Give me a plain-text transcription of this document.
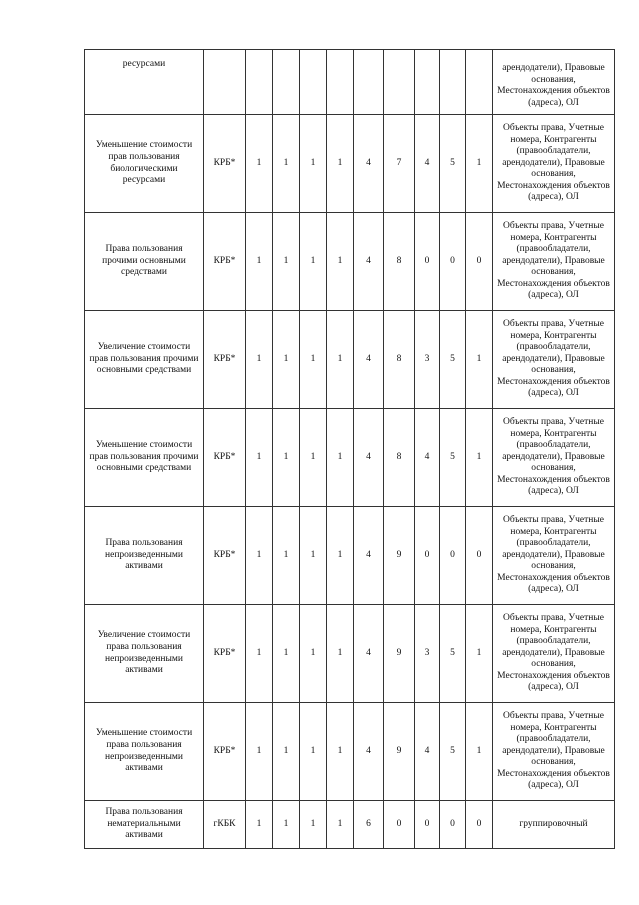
ресурсами											арендодатели), Правовые основания, Местонахождения объектов (адреса), ОЛ
Уменьшение стоимости прав пользования биологическими ресурсами	КРБ*	1	1	1	1	4	7	4	5	1	Объекты права, Учетные номера, Контрагенты (правообладатели, арендодатели), Правовые основания, Местонахождения объектов (адреса), ОЛ
Права пользования прочими основными средствами	КРБ*	1	1	1	1	4	8	0	0	0	Объекты права, Учетные номера, Контрагенты (правообладатели, арендодатели), Правовые основания, Местонахождения объектов (адреса), ОЛ
Увеличение стоимости прав пользования прочими основными средствами	КРБ*	1	1	1	1	4	8	3	5	1	Объекты права, Учетные номера, Контрагенты (правообладатели, арендодатели), Правовые основания, Местонахождения объектов (адреса), ОЛ
Уменьшение стоимости прав пользования прочими основными средствами	КРБ*	1	1	1	1	4	8	4	5	1	Объекты права, Учетные номера, Контрагенты (правообладатели, арендодатели), Правовые основания, Местонахождения объектов (адреса), ОЛ
Права пользования непроизведенными активами	КРБ*	1	1	1	1	4	9	0	0	0	Объекты права, Учетные номера, Контрагенты (правообладатели, арендодатели), Правовые основания, Местонахождения объектов (адреса), ОЛ
Увеличение стоимости права пользования непроизведенными активами	КРБ*	1	1	1	1	4	9	3	5	1	Объекты права, Учетные номера, Контрагенты (правообладатели, арендодатели), Правовые основания, Местонахождения объектов (адреса), ОЛ
Уменьшение стоимости права пользования непроизведенными активами	КРБ*	1	1	1	1	4	9	4	5	1	Объекты права, Учетные номера, Контрагенты (правообладатели, арендодатели), Правовые основания, Местонахождения объектов (адреса), ОЛ
Права пользования нематериальными активами	гКБК	1	1	1	1	6	0	0	0	0	группировочный
